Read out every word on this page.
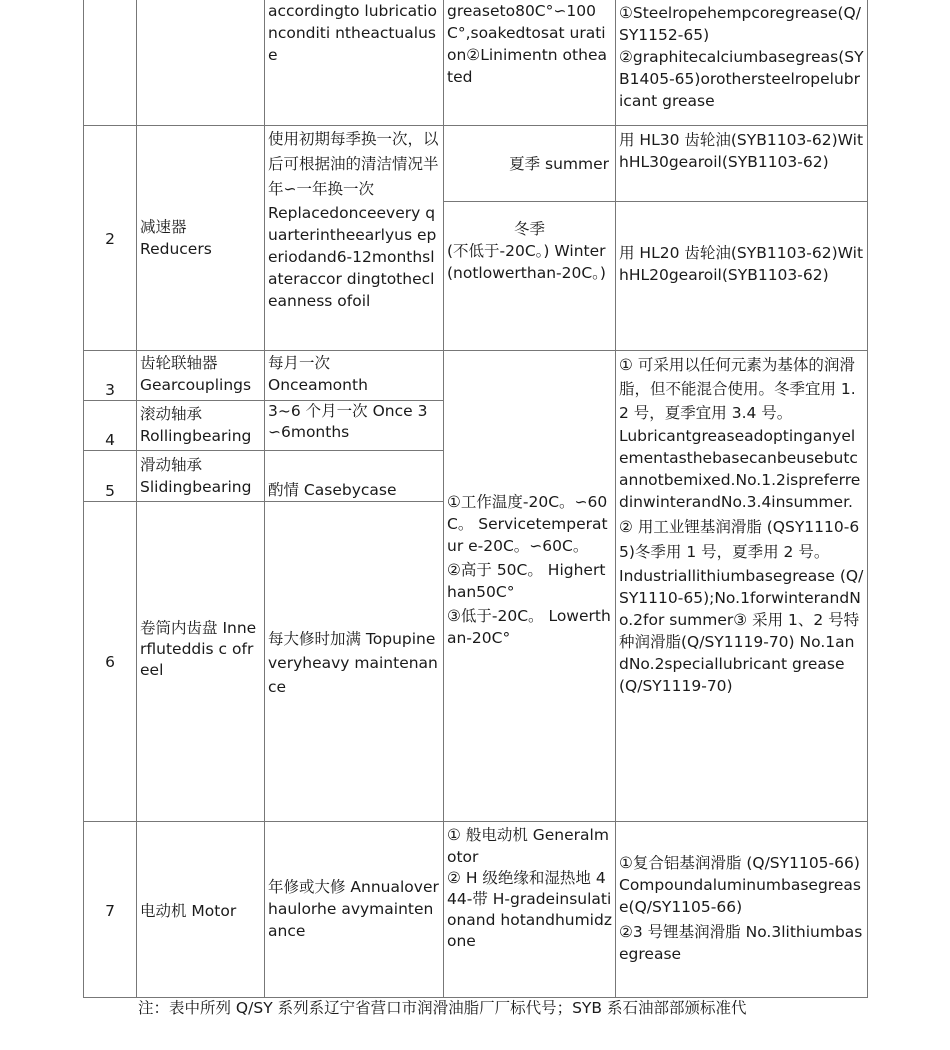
accordingto lubricationconditi ntheactualuse
greaseto80C°∽100C°,soakedtosat uration②Linimentn otheated

①Steelropehempcoregrease(Q/SY1152-65)

②graphitecalciumbasegreas(SYB1405-65)orothersteelropelubricant grease

2

减速器

Reducers

使用初期每季换一次，以后可根据油的清洁情况半年∽一年换一次

Replacedonceevery quarterintheearlyus eperiodand6-12monthslateraccor dingtothecleanness ofoil

夏季 summer
用 HL30 齿轮油(SYB1103-62)WithHL30gearoil(SYB1103-62)

冬季

(不低于-20C。) Winter (notlowerthan-20C。)

用 HL20 齿轮油(SYB1103-62)WithHL20gearoil(SYB1103-62)
3

齿轮联轴器

Gearcouplings

每月一次

Onceamonth

4

滚动轴承

Rollingbearing

3~6 个月一次 Once 3∽6months
5

滑动轴承

Slidingbearing	酌情 Casebycase
6
卷筒内齿盘 Innerfluteddis c ofreel
每大修时加满 Topupineveryheavy maintenance

①工作温度-20C。∽60C。 Servicetemperatur e-20C。∽60C。

②高于 50C。 Higherthan50C°

③低于-20C。 Lowerthan-20C°

① 可采用以任何元素为基体的润滑脂，但不能混合使用。冬季宜用 1.2 号，夏季宜用 3.4 号。

Lubricantgreaseadoptinganyelementasthebasecanbeusebutcannotbemixed.No.1.2ispreferredinwinterandNo.3.4insummer.

② 用工业锂基润滑脂 (QSY1110-65)冬季用 1 号，夏季用 2 号。

Industriallithiumbasegrease (Q/SY1110-65);No.1forwinterandNo.2for summer③ 采用 1、2 号特种润滑脂(Q/SY1119-70) No.1andNo.2speciallubricant grease(Q/SY1119-70)

7	电动机 Motor
年修或大修 Annualoverhaulorhe avymaintenance

① 般电动机 Generalmotor

② H 级绝缘和湿热地 444-带 H-gradeinsulationand hotandhumidzone

①复合铝基润滑脂 (Q/SY1105-66) Compoundaluminumbasegrease(Q/SY1105-66)

②3 号锂基润滑脂 No.3lithiumbasegrease

注：表中所列 Q/SY 系列系辽宁省营口市润滑油脂厂厂标代号；SYB 系石油部部颁标准代
